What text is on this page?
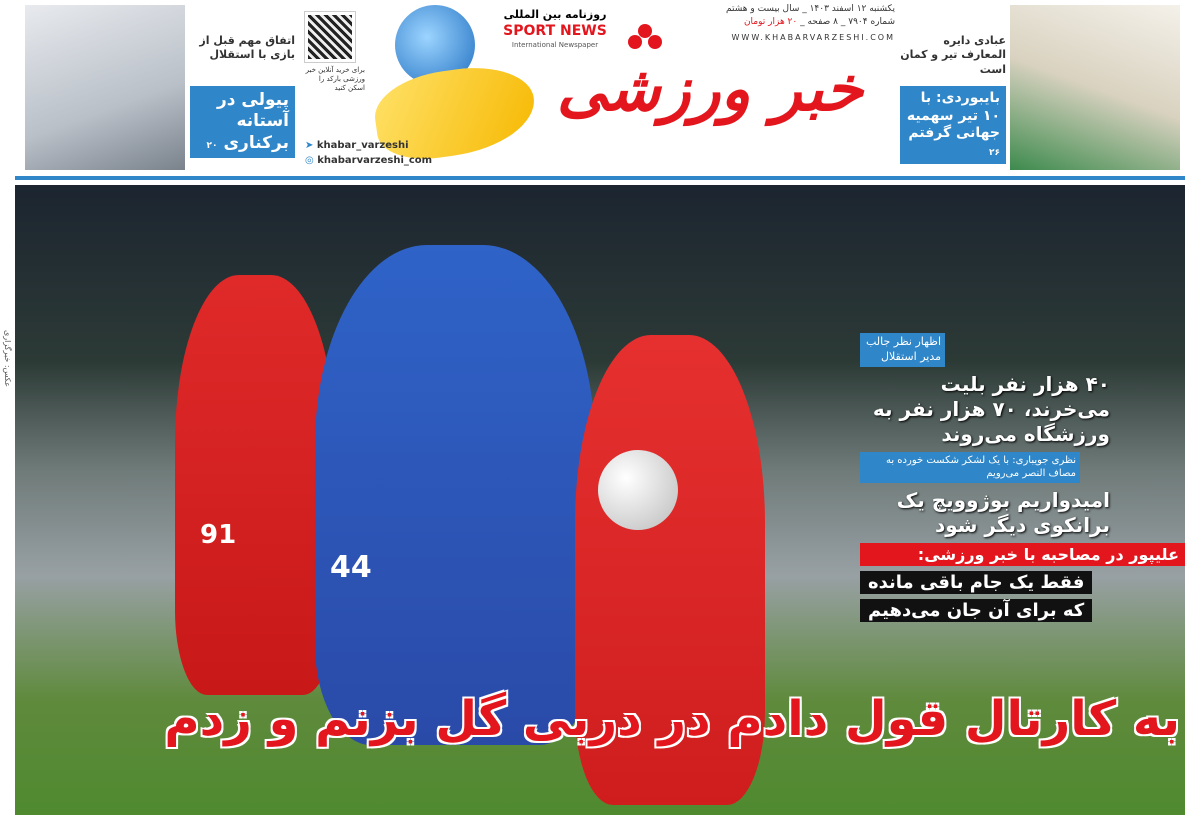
اتفاق مهم قبل از بازی با استقلال
پیولی در آستانه برکناری ۲۰
برای خرید آنلاین خبر ورزشی بارکد را اسکن کنید	خبر ورزشی
روزنامه بین المللی
SPORT NEWS
International Newspaper
یکشنبه ۱۲ اسفند ۱۴۰۳ _ سال بیست و هشتم
شماره ۷۹۰۴ _ ۸ صفحه _ ۲۰ هزار تومان
WWW.KHABARVARZESHI.COM
➤ khabar_varzeshi
◎ khabarvarzeshi_com
عبادی دایره المعارف تیر و کمان است
بایبوردی: با ۱۰ تیر سهمیه جهانی گرفتم ۲۶
44
91
اظهار نظر جالب مدیر استقلال
۴۰ هزار نفر بلیت می‌خرند، ۷۰ هزار نفر به ورزشگاه می‌روند
نظری جویباری: با یک لشکر شکست خورده به مصاف النصر می‌رویم
امیدواریم بوژوویچ یک برانکوی دیگر شود
علیپور در مصاحبه با خبر ورزشی:
فقط یک جام باقی مانده
که برای آن جان می‌دهیم
عکس: خبرگزاری
به کارتال قول دادم در دربی گل بزنم و زدم
